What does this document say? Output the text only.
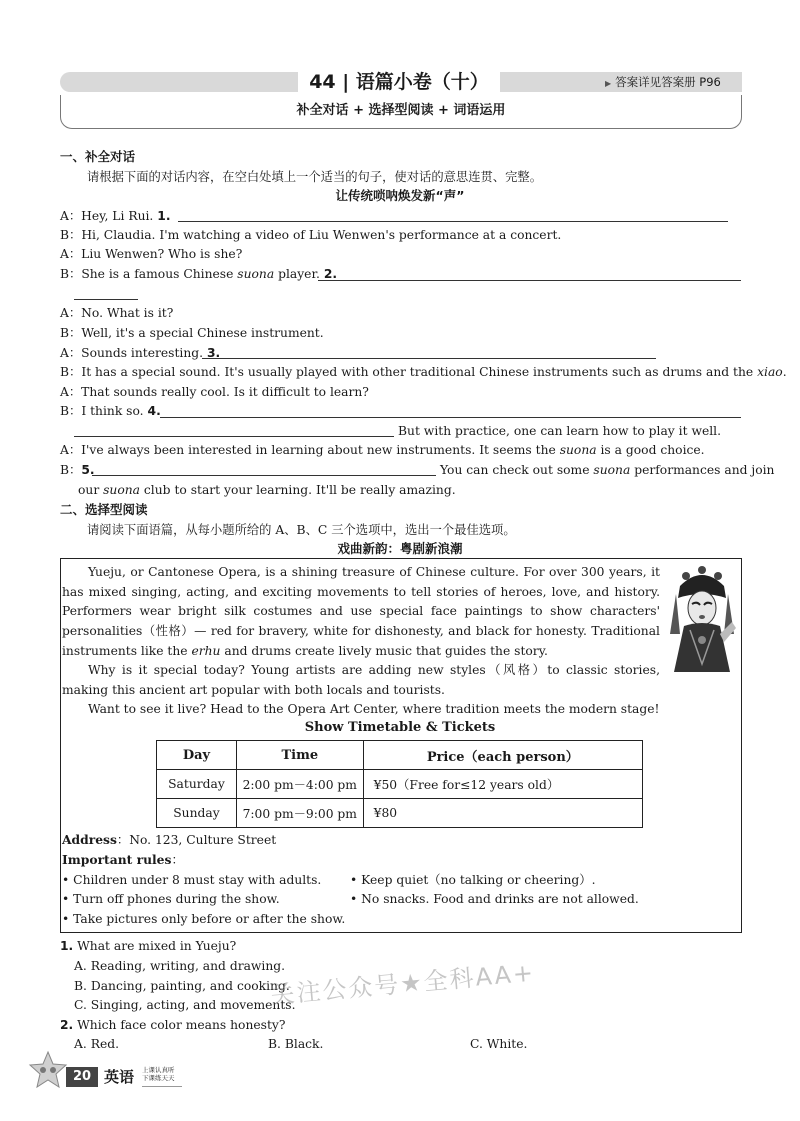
44 | 语篇小卷（十）	▶ 答案详见答案册 P96
补全对话 + 选择型阅读 + 词语运用
一、补全对话
请根据下面的对话内容，在空白处填上一个适当的句子，使对话的意思连贯、完整。
让传统唢呐焕发新“声”
A：Hey, Li Rui. 1.
B：Hi, Claudia. I'm watching a video of Liu Wenwen's performance at a concert.
A：Liu Wenwen? Who is she?
B：She is a famous Chinese suona player. 2.
A：No. What is it?
B：Well, it's a special Chinese instrument.
A：Sounds interesting. 3.
B：It has a special sound. It's usually played with other traditional Chinese instruments such as drums and the xiao.
A：That sounds really cool. Is it difficult to learn?
B：I think so. 4.
But with practice, one can learn how to play it well.
A：I've always been interested in learning about new instruments. It seems the suona is a good choice.
B：5.	You can check out some suona performances and join
our suona club to start your learning. It'll be really amazing.
二、选择型阅读
请阅读下面语篇，从每小题所给的 A、B、C 三个选项中，选出一个最佳选项。
戏曲新韵：粤剧新浪潮
Yueju, or Cantonese Opera, is a shining treasure of Chinese culture. For over 300 years, it has mixed singing, acting, and exciting movements to tell stories of heroes, love, and history. Performers wear bright silk costumes and use special face paintings to show characters' personalities（性格）— red for bravery, white for dishonesty, and black for honesty. Traditional instruments like the erhu and drums create lively music that guides the story.
Why is it special today? Young artists are adding new styles（风格）to classic stories, making this ancient art popular with both locals and tourists.
Want to see it live? Head to the Opera Art Center, where tradition meets the modern stage!
Show Timetable & Tickets
Day	Time	Price（each person）
Saturday	2:00 pm－4:00 pm	¥50（Free for≤12 years old）
Sunday	7:00 pm－9:00 pm	¥80
Address：No. 123, Culture Street
Important rules：
• Children under 8 must stay with adults. • Keep quiet（no talking or cheering）.
• Turn off phones during the show.	• No snacks. Food and drinks are not allowed.
• Take pictures only before or after the show.
1. What are mixed in Yueju?
A. Reading, writing, and drawing.
B. Dancing, painting, and cooking.
C. Singing, acting, and movements.
2. Which face color means honesty?
A. Red.	B. Black.	C. White.
关注公众号★全科AA+
20 英语 上课认真听
下课练天天
